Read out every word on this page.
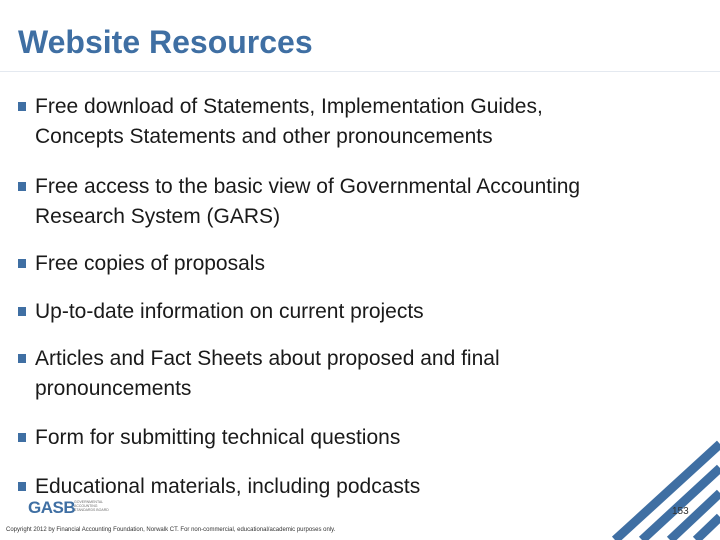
Website Resources
Free download of Statements, Implementation Guides,
Concepts Statements and other pronouncements
Free access to the basic view of Governmental Accounting
Research System (GARS)
Free copies of proposals
Up-to-date information on current projects
Articles and Fact Sheets about proposed and final
pronouncements
Form for submitting technical questions
Educational materials, including podcasts
GASB
GOVERNMENTAL ACCOUNTING STANDARDS BOARD	153
Copyright 2012 by Financial Accounting Foundation, Norwalk CT. For non-commercial, educational/academic purposes only.
